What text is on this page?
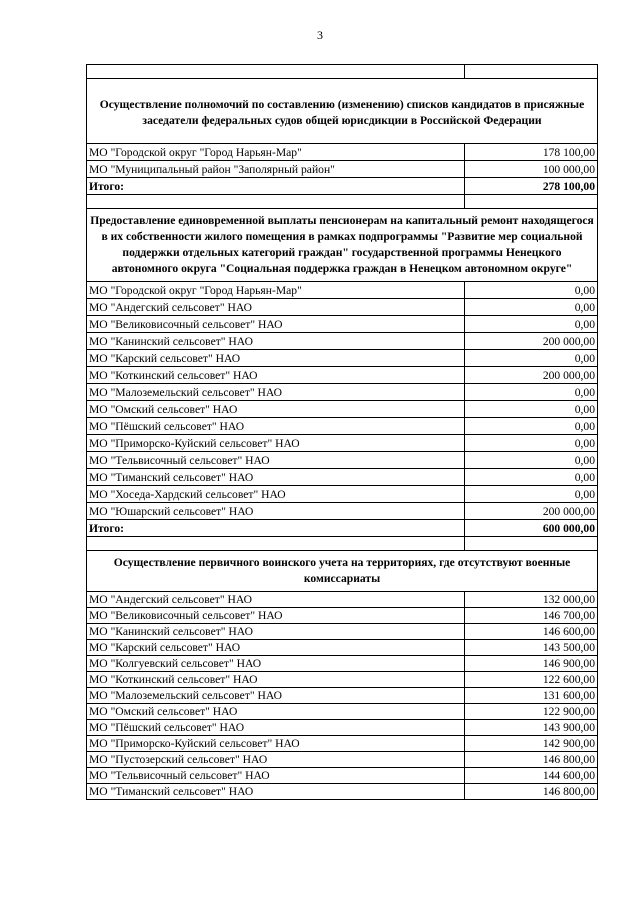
3

Осуществление полномочий по составлению (изменению) списков кандидатов в присяжные заседатели федеральных судов общей юрисдикции в Российской Федерации	
МО "Городской округ "Город Нарьян-Мар"	178 100,00
МО "Муниципальный район "Заполярный район"	100 000,00
Итого:	278 100,00

Предоставление единовременной выплаты пенсионерам на капитальный ремонт находящегося в их собственности жилого помещения в рамках подпрограммы "Развитие мер социальной поддержки отдельных категорий граждан" государственной программы Ненецкого автономного округа "Социальная поддержка граждан в Ненецком автономном округе"	
МО "Городской округ "Город Нарьян-Мар"	0,00
МО "Андегский сельсовет" НАО	0,00
МО "Великовисочный сельсовет" НАО	0,00
МО "Канинский сельсовет" НАО	200 000,00
МО "Карский сельсовет" НАО	0,00
МО "Коткинский сельсовет" НАО	200 000,00
МО "Малоземельский сельсовет" НАО	0,00
МО "Омский сельсовет" НАО	0,00
МО "Пёшский сельсовет" НАО	0,00
МО "Приморско-Куйский сельсовет" НАО	0,00
МО "Тельвисочный сельсовет" НАО	0,00
МО "Тиманский сельсовет" НАО	0,00
МО "Хоседа-Хардский сельсовет" НАО	0,00
МО "Юшарский сельсовет" НАО	200 000,00
Итого:	600 000,00

Осуществление первичного воинского учета на территориях, где отсутствуют военные комиссариаты	
МО "Андегский сельсовет" НАО	132 000,00
МО "Великовисочный сельсовет" НАО	146 700,00
МО "Канинский сельсовет" НАО	146 600,00
МО "Карский сельсовет" НАО	143 500,00
МО "Колгуевский сельсовет" НАО	146 900,00
МО "Коткинский сельсовет" НАО	122 600,00
МО "Малоземельский сельсовет" НАО	131 600,00
МО "Омский сельсовет" НАО	122 900,00
МО "Пёшский сельсовет" НАО	143 900,00
МО "Приморско-Куйский сельсовет" НАО	142 900,00
МО "Пустозерский сельсовет" НАО	146 800,00
МО "Тельвисочный сельсовет" НАО	144 600,00
МО "Тиманский сельсовет" НАО	146 800,00
